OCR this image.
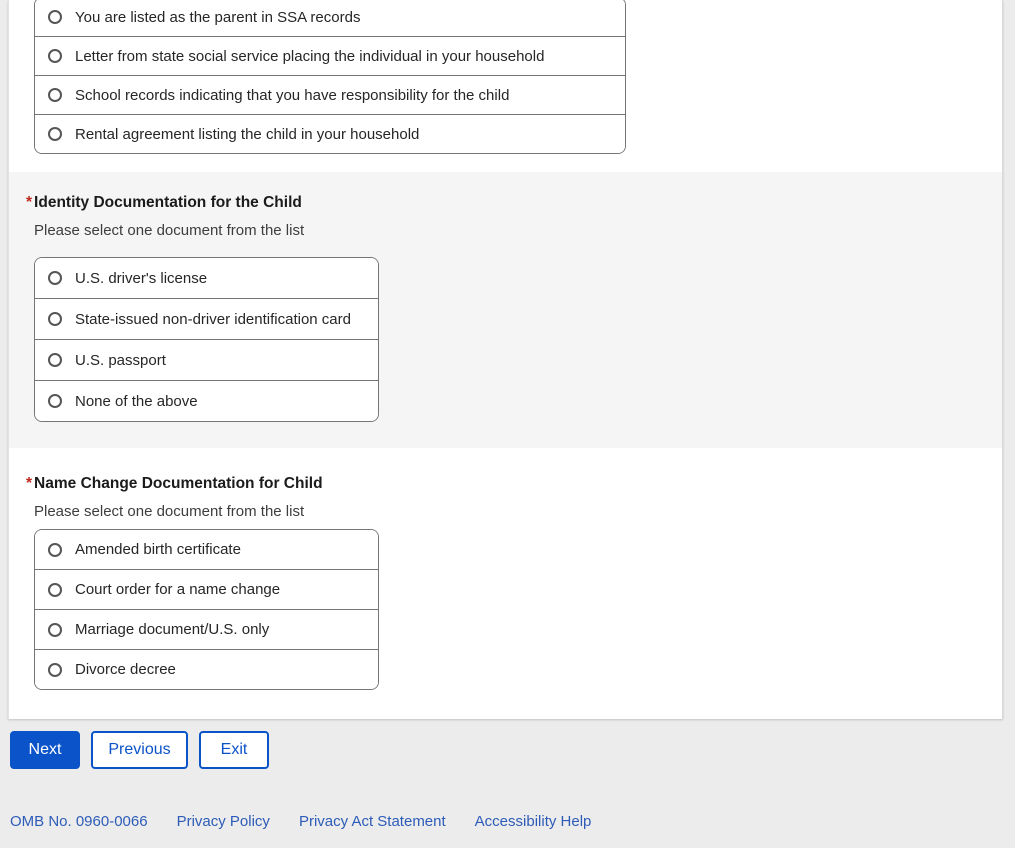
You are listed as the parent in SSA records
Letter from state social service placing the individual in your household
School records indicating that you have responsibility for the child
Rental agreement listing the child in your household
* Identity Documentation for the Child
Please select one document from the list
U.S. driver's license
State-issued non-driver identification card
U.S. passport
None of the above
* Name Change Documentation for Child
Please select one document from the list
Amended birth certificate
Court order for a name change
Marriage document/U.S. only
Divorce decree
Next	Previous	Exit
OMB No. 0960-0066 Privacy Policy Privacy Act Statement Accessibility Help
